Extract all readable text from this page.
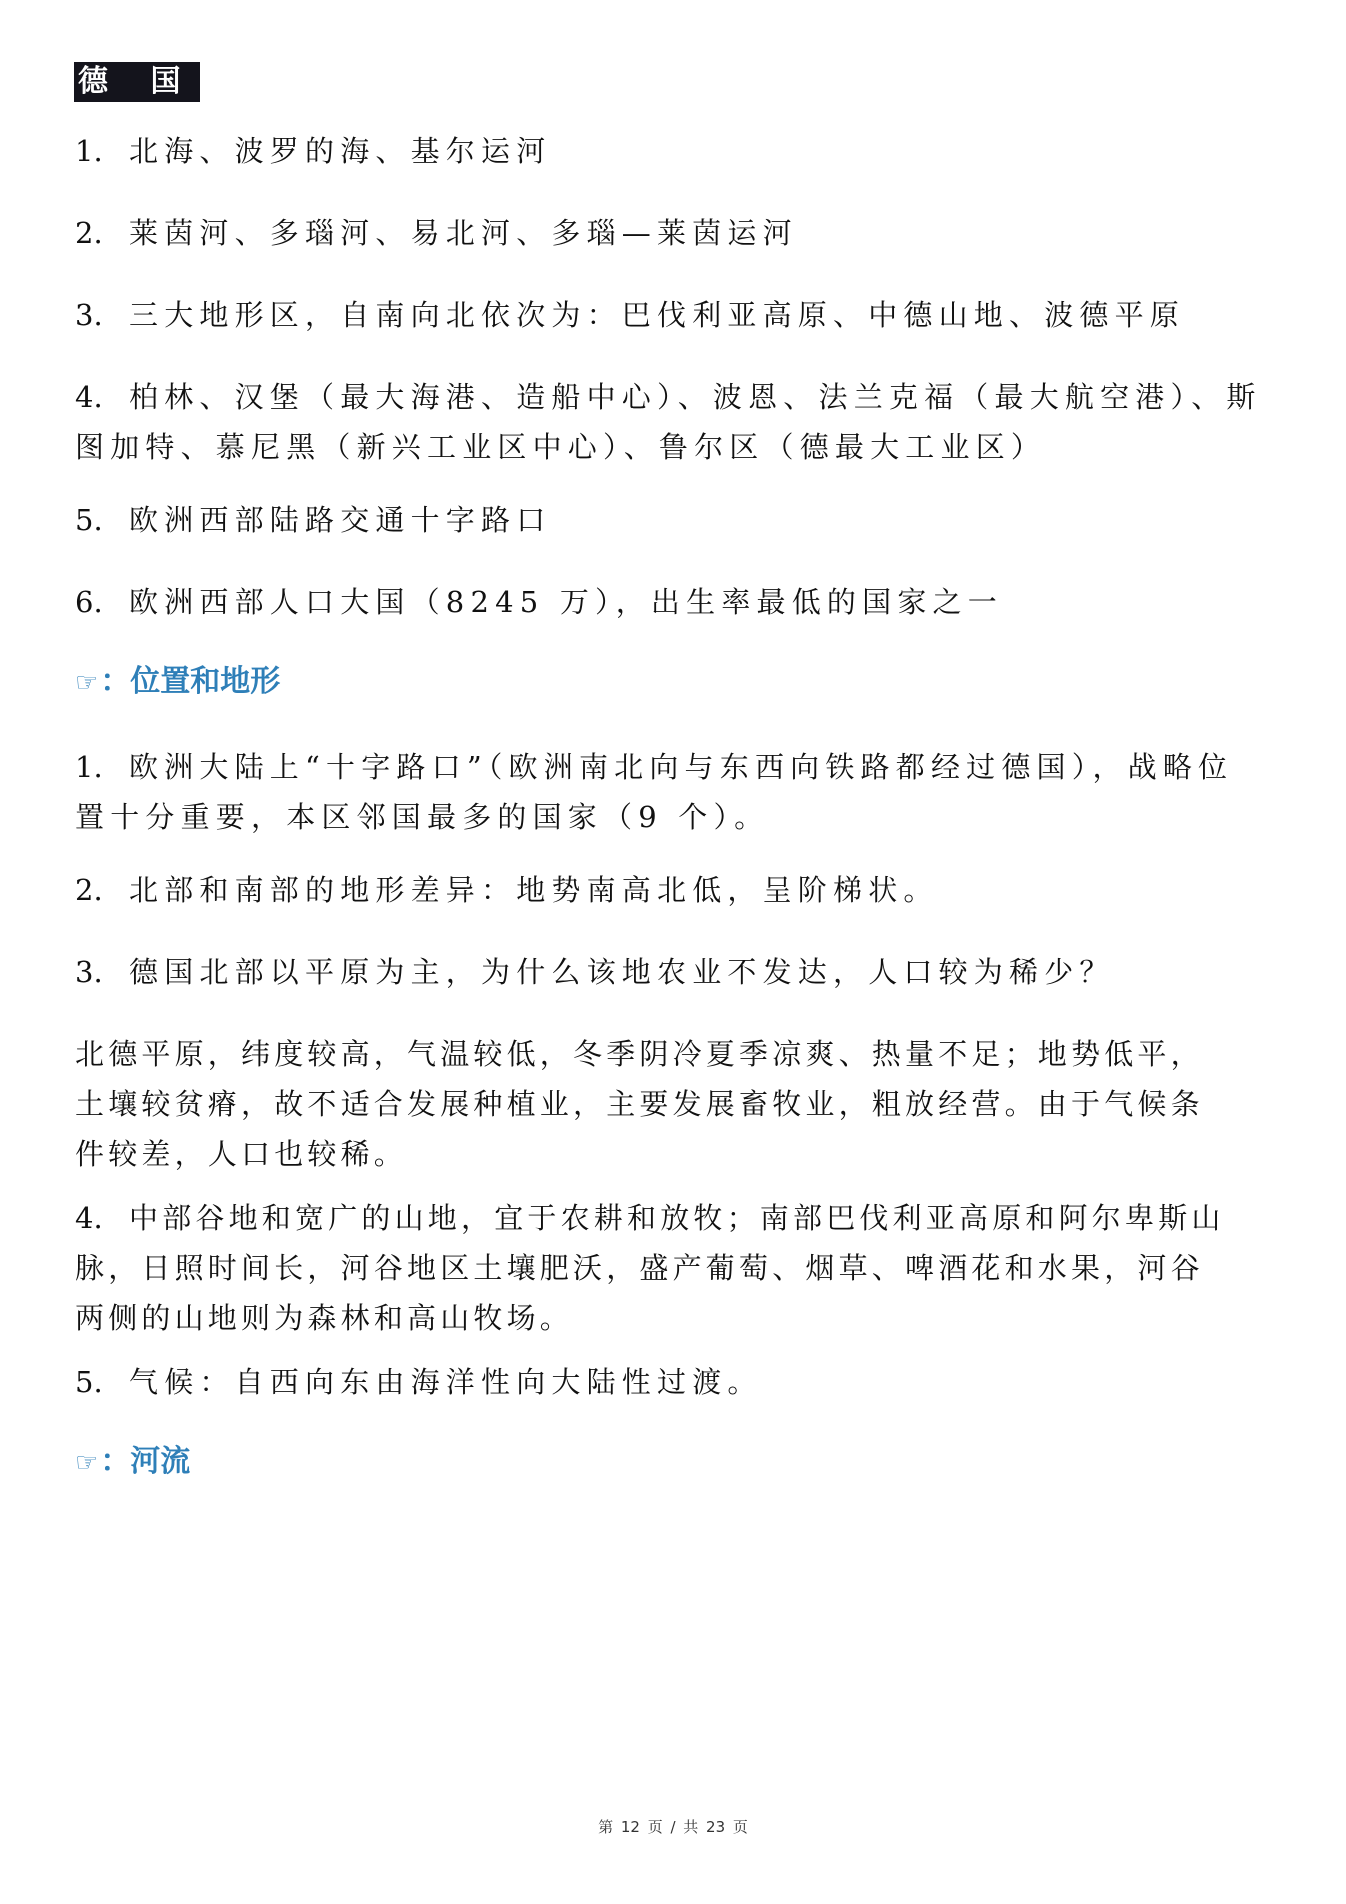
德 国
1. 北海、波罗的海、基尔运河
2. 莱茵河、多瑙河、易北河、多瑙—莱茵运河
3. 三大地形区，自南向北依次为：巴伐利亚高原、中德山地、波德平原
4. 柏林、汉堡（最大海港、造船中心）、波恩、法兰克福（最大航空港）、斯
图加特、慕尼黑（新兴工业区中心）、鲁尔区（德最大工业区）
5. 欧洲西部陆路交通十字路口
6. 欧洲西部人口大国（8245 万），出生率最低的国家之一
☞：位置和地形
1. 欧洲大陆上“十字路口”（欧洲南北向与东西向铁路都经过德国），战略位
置十分重要，本区邻国最多的国家（9 个）。
2. 北部和南部的地形差异：地势南高北低，呈阶梯状。
3. 德国北部以平原为主，为什么该地农业不发达，人口较为稀少？
北德平原，纬度较高，气温较低，冬季阴冷夏季凉爽、热量不足；地势低平，
土壤较贫瘠，故不适合发展种植业，主要发展畜牧业，粗放经营。由于气候条
件较差，人口也较稀。
4. 中部谷地和宽广的山地，宜于农耕和放牧；南部巴伐利亚高原和阿尔卑斯山
脉，日照时间长，河谷地区土壤肥沃，盛产葡萄、烟草、啤酒花和水果，河谷
两侧的山地则为森林和高山牧场。
5. 气候：自西向东由海洋性向大陆性过渡。
☞：河流
第 12 页 / 共 23 页
